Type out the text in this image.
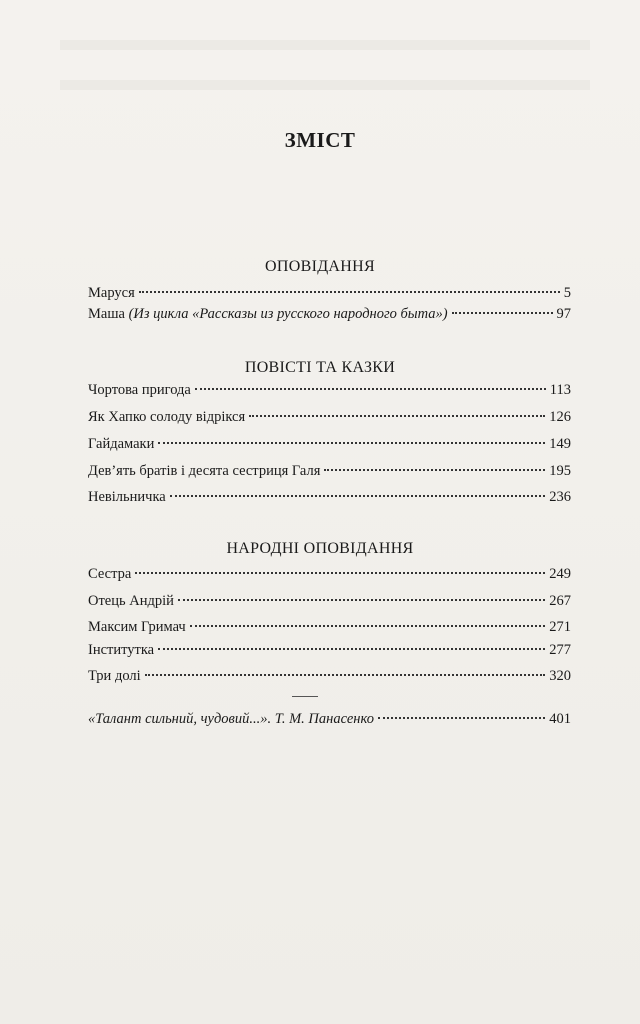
ЗМІСТ
ОПОВІДАННЯ
Маруся	5
Маша (Из цикла «Рассказы из русского народного быта»)	97
ПОВІСТІ ТА КАЗКИ
Чортова пригода	113
Як Хапко солоду відрікся	126
Гайдамаки	149
Дев’ять братів і десята сестриця Галя	195
Невільничка	236
НАРОДНІ ОПОВІДАННЯ
Сестра	249
Отець Андрій	267
Максим Гримач	271
Інститутка	277
Три долі	320
«Талант сильний, чудовий...». Т. М. Панасенко	401
